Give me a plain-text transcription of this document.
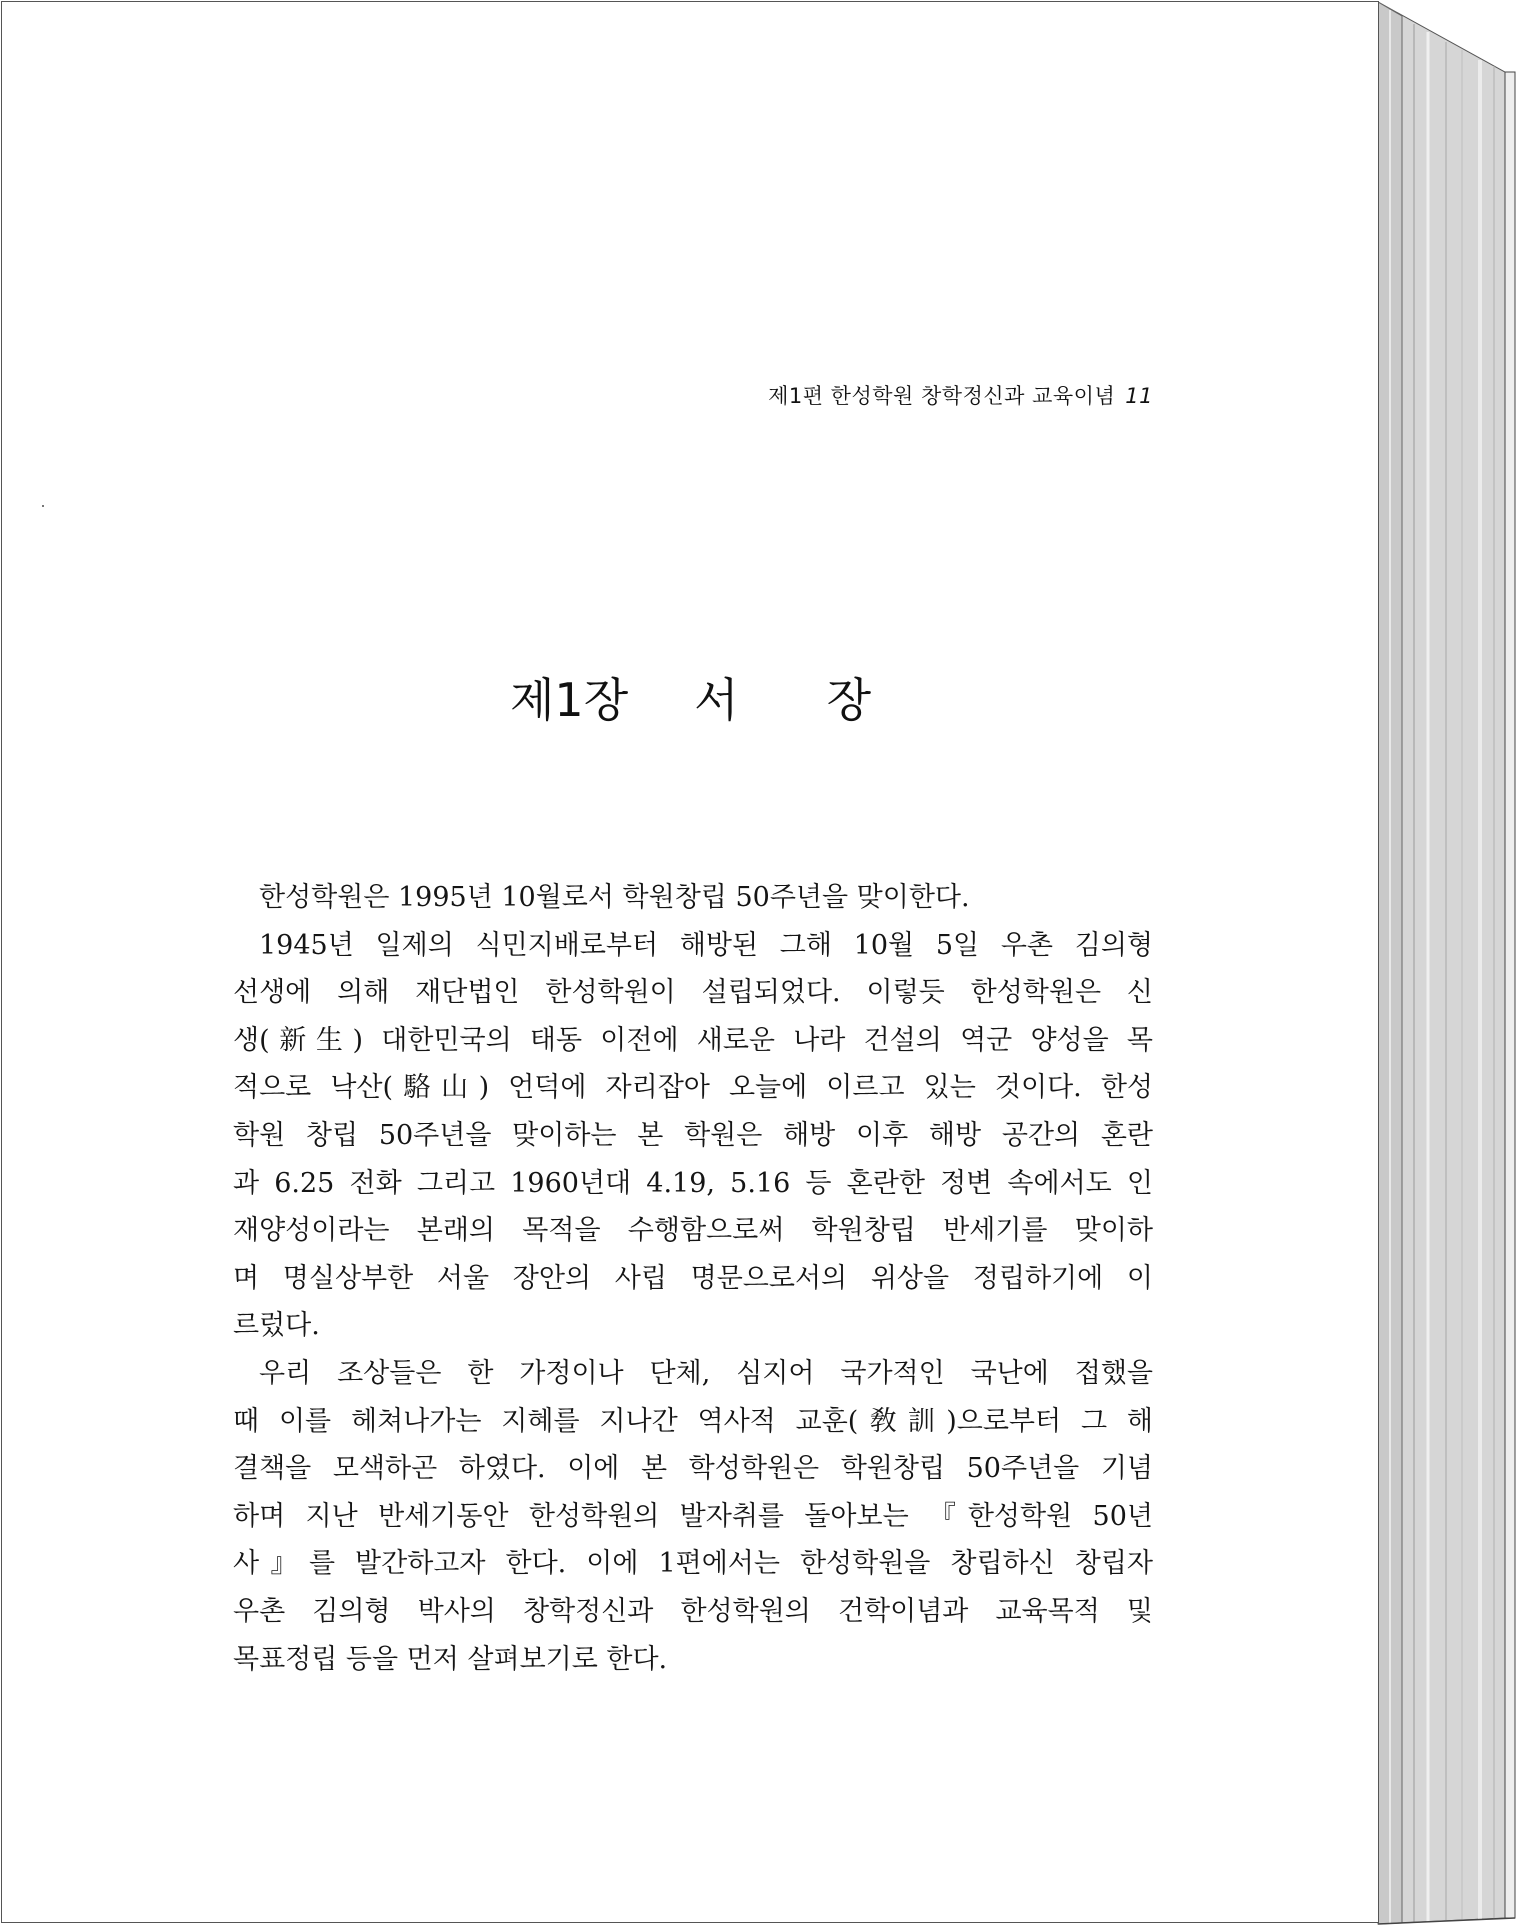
제1편 한성학원 창학정신과 교육이념 11
제1장 서 장
한성학원은 1995년 10월로서 학원창립 50주년을 맞이한다.
1945년 일제의 식민지배로부터 해방된 그해 10월 5일 우촌 김의형
선생에 의해 재단법인 한성학원이 설립되었다. 이렇듯 한성학원은 신
생(新生) 대한민국의 태동 이전에 새로운 나라 건설의 역군 양성을 목
적으로 낙산(駱山) 언덕에 자리잡아 오늘에 이르고 있는 것이다. 한성
학원 창립 50주년을 맞이하는 본 학원은 해방 이후 해방 공간의 혼란
과 6.25 전화 그리고 1960년대 4.19, 5.16 등 혼란한 정변 속에서도 인
재양성이라는 본래의 목적을 수행함으로써 학원창립 반세기를 맞이하
며 명실상부한 서울 장안의 사립 명문으로서의 위상을 정립하기에 이
르렀다.
우리 조상들은 한 가정이나 단체, 심지어 국가적인 국난에 접했을
때 이를 헤쳐나가는 지혜를 지나간 역사적 교훈(敎訓)으로부터 그 해
결책을 모색하곤 하였다. 이에 본 학성학원은 학원창립 50주년을 기념
하며 지난 반세기동안 한성학원의 발자취를 돌아보는 『한성학원 50년
사』를 발간하고자 한다. 이에 1편에서는 한성학원을 창립하신 창립자
우촌 김의형 박사의 창학정신과 한성학원의 건학이념과 교육목적 및
목표정립 등을 먼저 살펴보기로 한다.
